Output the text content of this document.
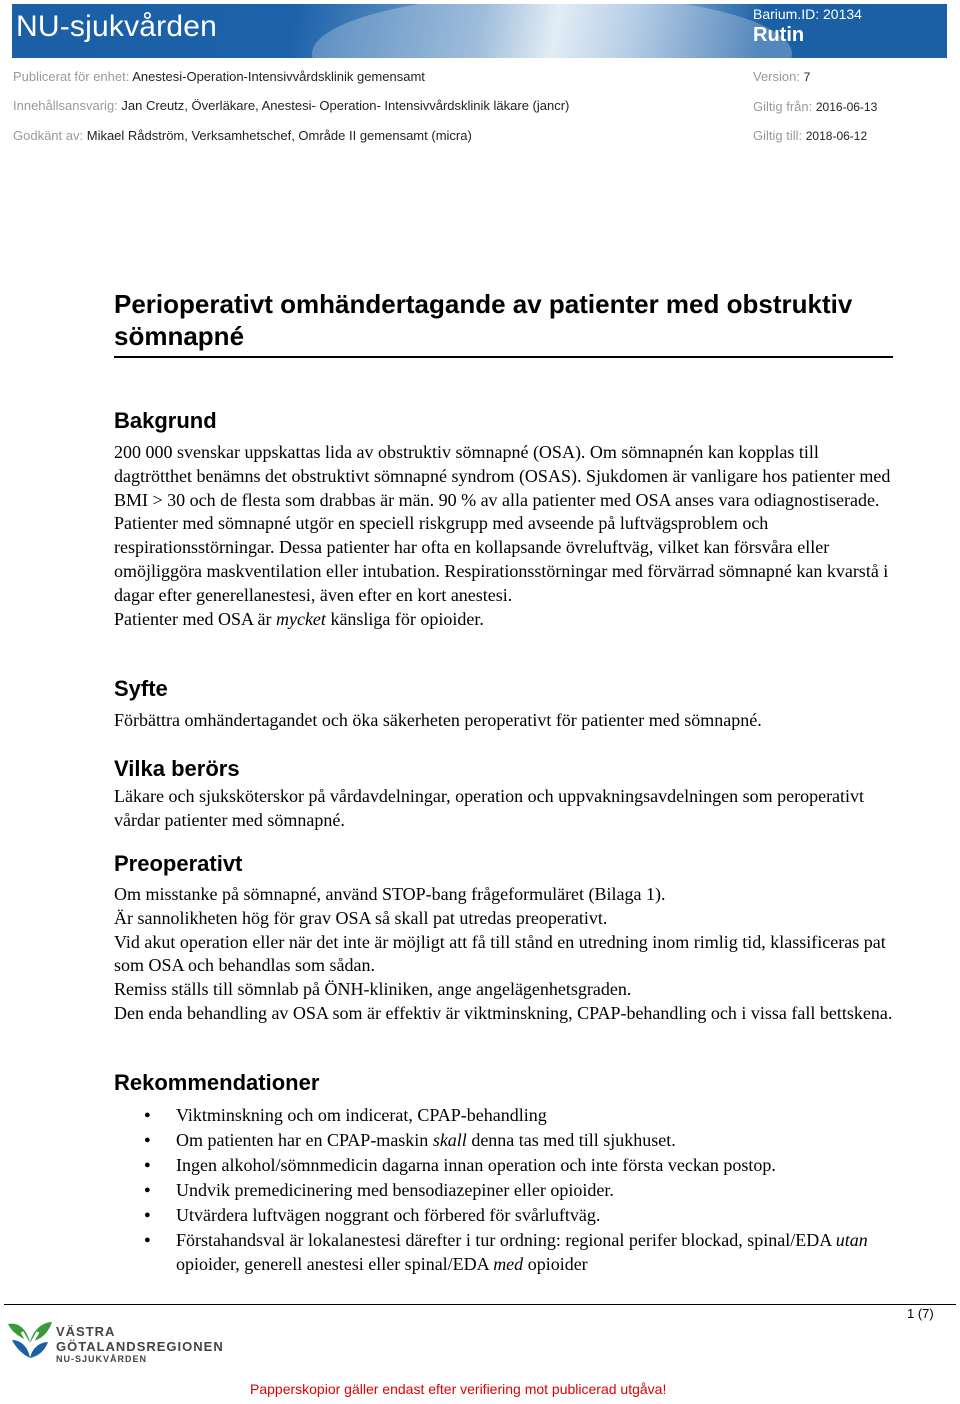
NU-sjukvården	Barium.ID: 20134
Rutin
Publicerat för enhet: Anestesi-Operation-Intensivvårdsklinik gemensamt
Innehållsansvarig: Jan Creutz, Överläkare, Anestesi- Operation- Intensivvårdsklinik läkare (jancr)
Godkänt av: Mikael Rådström, Verksamhetschef, Område II gemensamt (micra)
Version: 7
Giltig från: 2016-06-13
Giltig till: 2018-06-12
Perioperativt omhändertagande av patienter med obstruktiv sömnapné
Bakgrund

200 000 svenskar uppskattas lida av obstruktiv sömnapné (OSA). Om sömnapnén kan kopplas till dagtrötthet benämns det obstruktivt sömnapné syndrom (OSAS). Sjukdomen är vanligare hos patienter med BMI > 30 och de flesta som drabbas är män. 90 % av alla patienter med OSA anses vara odiagnostiserade.

Patienter med sömnapné utgör en speciell riskgrupp med avseende på luftvägsproblem och respirationsstörningar. Dessa patienter har ofta en kollapsande övreluftväg, vilket kan försvåra eller omöjliggöra maskventilation eller intubation. Respirationsstörningar med förvärrad sömnapné kan kvarstå i dagar efter generellanestesi, även efter en kort anestesi.

Patienter med OSA är mycket känsliga för opioider.

Syfte

Förbättra omhändertagandet och öka säkerheten peroperativt för patienter med sömnapné.

Vilka berörs

Läkare och sjuksköterskor på vårdavdelningar, operation och uppvakningsavdelningen som peroperativt vårdar patienter med sömnapné.

Preoperativt

Om misstanke på sömnapné, använd STOP-bang frågeformuläret (Bilaga 1).

Är sannolikheten hög för grav OSA så skall pat utredas preoperativt.

Vid akut operation eller när det inte är möjligt att få till stånd en utredning inom rimlig tid, klassificeras pat som OSA och behandlas som sådan.

Remiss ställs till sömnlab på ÖNH-kliniken, ange angelägenhetsgraden.

Den enda behandling av OSA som är effektiv är viktminskning, CPAP-behandling och i vissa fall bettskena.

Rekommendationer
● Viktminskning och om indicerat, CPAP-behandling
● Om patienten har en CPAP-maskin skall denna tas med till sjukhuset.
● Ingen alkohol/sömnmedicin dagarna innan operation och inte första veckan postop.
● Undvik premedicinering med bensodiazepiner eller opioider.
● Utvärdera luftvägen noggrant och förbered för svårluftväg.
● Förstahandsval är lokalanestesi därefter i tur ordning: regional perifer blockad, spinal/EDA utan opioider, generell anestesi eller spinal/EDA med opioider
1 (7)
VÄSTRA
GÖTALANDSREGIONEN
NU-SJUKVÅRDEN
Papperskopior gäller endast efter verifiering mot publicerad utgåva!
